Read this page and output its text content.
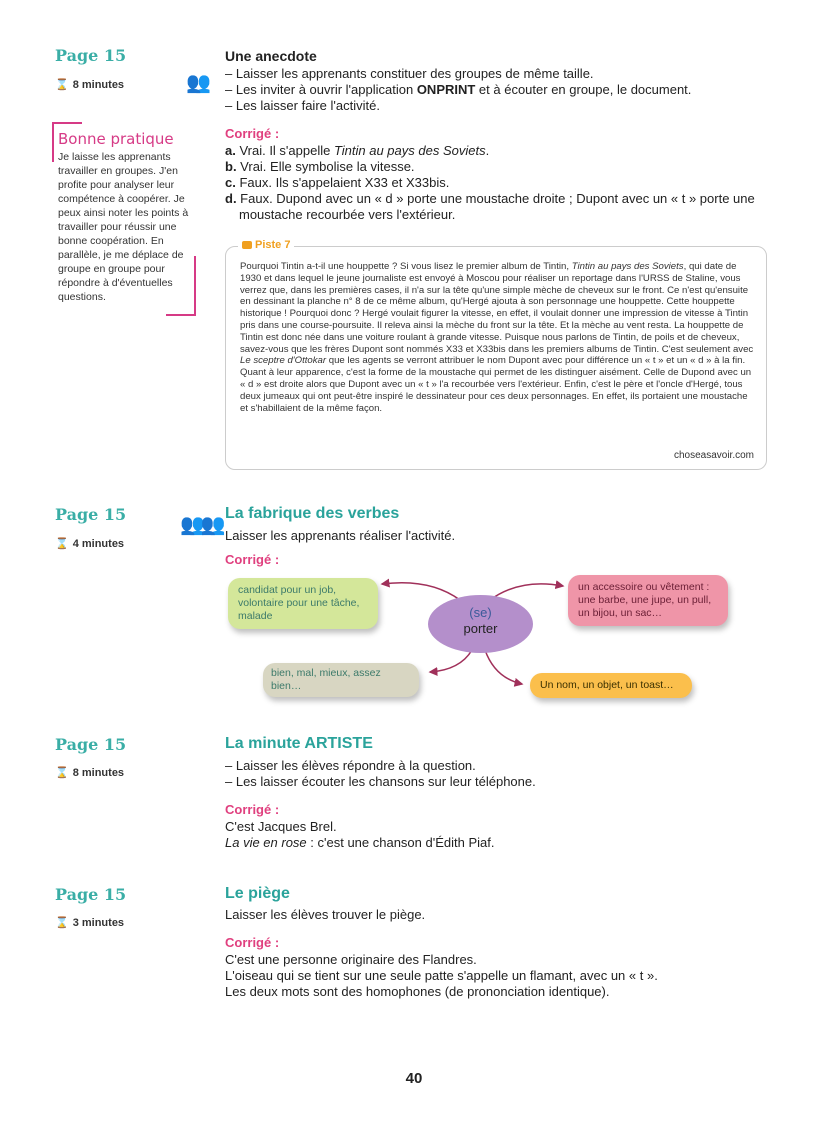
Page 15
⌛ 8 minutes	👥
Une anecdote
– Laisser les apprenants constituer des groupes de même taille.
– Les inviter à ouvrir l'application ONPRINT et à écouter en groupe, le document.
– Les laisser faire l'activité.
Corrigé :
a. Vrai. Il s'appelle Tintin au pays des Soviets.
b. Vrai. Elle symbolise la vitesse.
c. Faux. Ils s'appelaient X33 et X33bis.
d. Faux. Dupond avec un « d » porte une moustache droite ; Dupont avec un « t » porte une moustache recourbée vers l'extérieur.
Piste 7

Pourquoi Tintin a-t-il une houppette ? Si vous lisez le premier album de Tintin, Tintin au pays des Soviets, qui date de 1930 et dans lequel le jeune journaliste est envoyé à Moscou pour réaliser un reportage dans l'URSS de Staline, vous verrez que, dans les premières cases, il n'a sur la tête qu'une simple mèche de cheveux sur le front. Ce n'est qu'ensuite en dessinant la planche n° 8 de ce même album, qu'Hergé ajouta à son personnage une houppette. Cette houppette historique ! Pourquoi donc ? Hergé voulait figurer la vitesse, en effet, il voulait donner une impression de vitesse à Tintin pris dans une course-poursuite. Il releva ainsi la mèche du front sur la tête. Et la mèche au vent resta. La houppette de Tintin est donc née dans une voiture roulant à grande vitesse. Puisque nous parlons de Tintin, de poils et de cheveux, savez-vous que les frères Dupont sont nommés X33 et X33bis dans les premiers albums de Tintin. C'est seulement avec Le sceptre d'Ottokar que les agents se verront attribuer le nom Dupont avec pour différence un « t » et un « d » à la fin. Quant à leur apparence, c'est la forme de la moustache qui permet de les distinguer aisément. Celle de Dupond avec un « d » est droite alors que Dupont avec un « t » l'a recourbée vers l'extérieur. Enfin, c'est le père et l'oncle d'Hergé, tous deux jumeaux qui ont peut-être inspiré le dessinateur pour ces deux personnages. En effet, ils portaient une moustache et s'habillaient de la même façon.

choseasavoir.com
Bonne pratique

Je laisse les apprenants travailler en groupes. J'en profite pour analyser leur compétence à coopérer. Je peux ainsi noter les points à travailler pour réussir une bonne coopération. En parallèle, je me déplace de groupe en groupe pour répondre à d'éventuelles questions.

Page 15
⌛ 4 minutes
👥👥
La fabrique des verbes
Laisser les apprenants réaliser l'activité.
Corrigé :
candidat pour un job, volontaire pour une tâche, malade
un accessoire ou vêtement : une barbe, une jupe, un pull, un bijou, un sac…
bien, mal, mieux, assez bien…	Un nom, un objet, un toast…
(se)
porter
Page 15
⌛ 8 minutes
La minute ARTISTE
– Laisser les élèves répondre à la question.
– Les laisser écouter les chansons sur leur téléphone.
Corrigé :
C'est Jacques Brel.
La vie en rose : c'est une chanson d'Édith Piaf.
Page 15
⌛ 3 minutes
Le piège
Laisser les élèves trouver le piège.
Corrigé :
C'est une personne originaire des Flandres.
L'oiseau qui se tient sur une seule patte s'appelle un flamant, avec un « t ».
Les deux mots sont des homophones (de prononciation identique).
40
